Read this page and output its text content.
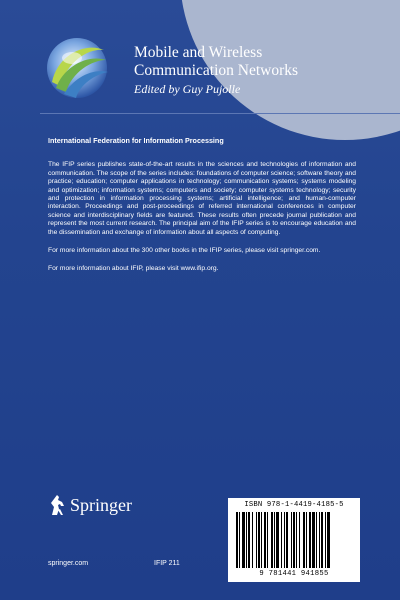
Mobile and Wireless
Communication Networks
Edited by Guy Pujolle
International Federation for Information Processing

The IFIP series publishes state-of-the-art results in the sciences and technologies of information and communication. The scope of the series includes: foundations of computer science; software theory and practice; education; computer applications in technology; communication systems; systems modeling and optimization; information systems; computers and society; computer systems technology; security and protection in information processing systems; artificial intelligence; and human-computer interaction. Proceedings and post-proceedings of referred international conferences in computer science and interdisciplinary fields are featured. These results often precede journal publication and represent the most current research. The principal aim of the IFIP series is to encourage education and the dissemination and exchange of information about all aspects of computing.

For more information about the 300 other books in the IFIP series, please visit springer.com.

For more information about IFIP, please visit www.ifip.org.

Springer
springer.com	IFIP 211
ISBN 978-1-4419-4185-5
9 781441 941855
